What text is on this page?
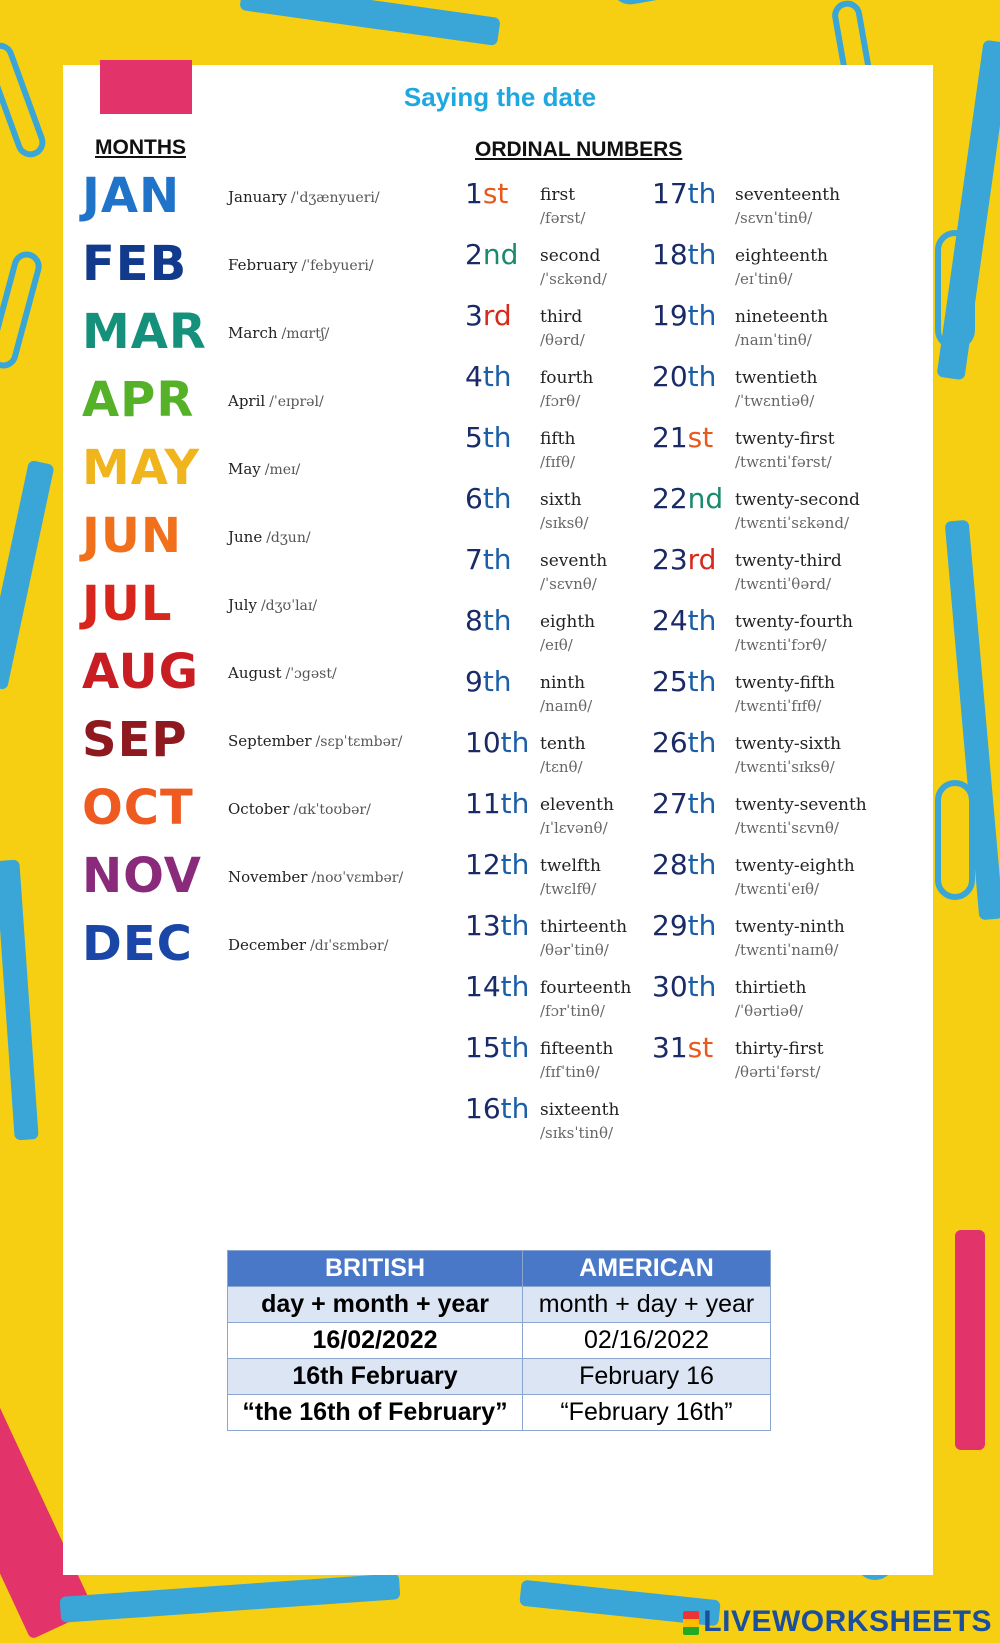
Saying the date
MONTHS	ORDINAL NUMBERS
JAN	January /ˈdʒænyueri/
FEB	February /ˈfebyueri/
MAR	March /mɑrtʃ/
APR	April /ˈeɪprəl/
MAY	May /meɪ/
JUN	June /dʒun/
JUL	July /dʒʊˈlaɪ/
AUG	August /ˈɔgəst/
SEP	September /sɛpˈtɛmbər/
OCT	October /ɑkˈtoʊbər/
NOV	November /noʊˈvɛmbər/
DEC	December /dɪˈsɛmbər/
1st first
/fərst/
2nd second
/ˈsɛkənd/
3rd third
/θərd/
4th fourth
/fɔrθ/
5th fifth
/fɪfθ/
6th sixth
/sɪksθ/
7th seventh
/ˈsɛvnθ/
8th eighth
/eɪθ/
9th ninth
/naɪnθ/
10th tenth
/tɛnθ/
11th eleventh
/ɪˈlɛvənθ/
12th twelfth
/twɛlfθ/
13th thirteenth
/θərˈtinθ/
14th fourteenth
/fɔrˈtinθ/
15th fifteenth
/fɪfˈtinθ/
16th sixteenth
/sɪksˈtinθ/
17th seventeenth
/sɛvnˈtinθ/
18th eighteenth
/eɪˈtinθ/
19th nineteenth
/naɪnˈtinθ/
20th twentieth
/ˈtwɛntiəθ/
21st twenty-first
/twɛntiˈfərst/
22nd twenty-second
/twɛntiˈsɛkənd/
23rd twenty-third
/twɛntiˈθərd/
24th twenty-fourth
/twɛntiˈfɔrθ/
25th twenty-fifth
/twɛntiˈfɪfθ/
26th twenty-sixth
/twɛntiˈsɪksθ/
27th twenty-seventh
/twɛntiˈsɛvnθ/
28th twenty-eighth
/twɛntiˈeɪθ/
29th twenty-ninth
/twɛntiˈnaɪnθ/
30th thirtieth
/ˈθərtiəθ/
31st thirty-first
/θərtiˈfərst/
BRITISH	AMERICAN
day + month + year	month + day + year
16/02/2022	02/16/2022
16th February	February 16
“the 16th of February”	“February 16th”
LIVEWORKSHEETS
